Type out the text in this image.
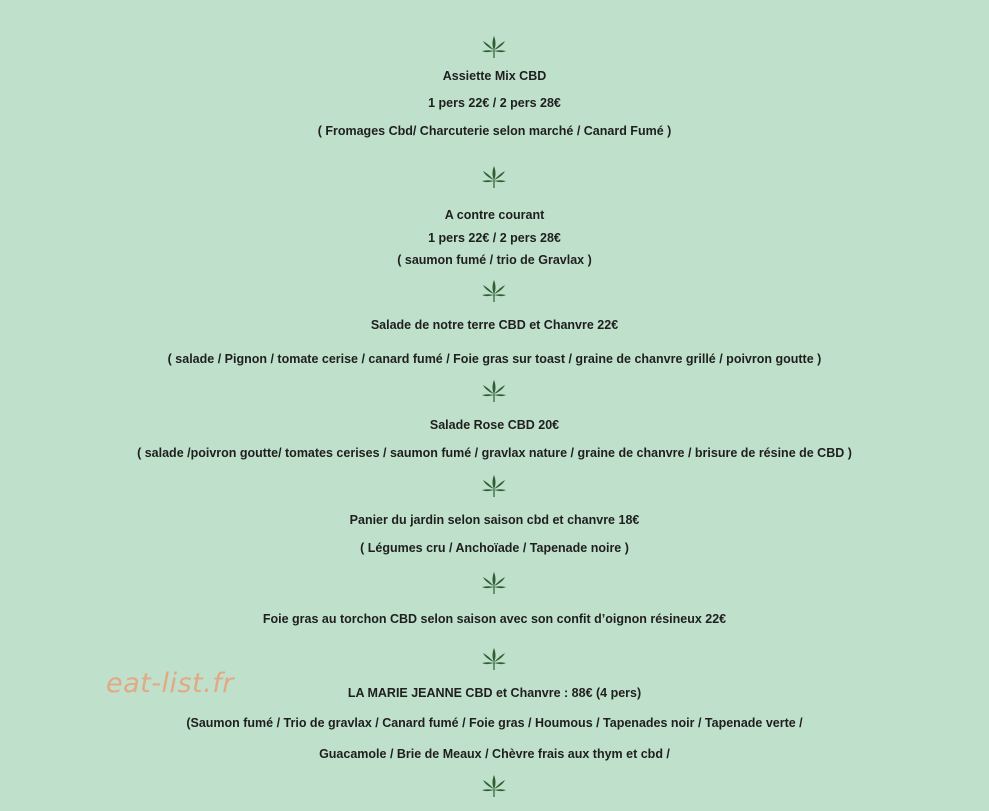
Assiette Mix CBD
1 pers 22€ / 2 pers 28€
( Fromages Cbd/ Charcuterie selon marché / Canard Fumé )
A contre courant
1 pers 22€ / 2 pers 28€
( saumon fumé / trio de Gravlax )
Salade de notre terre CBD et Chanvre 22€
( salade / Pignon / tomate cerise / canard fumé / Foie gras sur toast / graine de chanvre grillé / poivron goutte )
Salade Rose CBD 20€
( salade /poivron goutte/ tomates cerises / saumon fumé / gravlax nature / graine de chanvre / brisure de résine de CBD )
Panier du jardin selon saison cbd et chanvre 18€
( Légumes cru / Anchoïade / Tapenade noire )
Foie gras au torchon CBD selon saison avec son confit d’oignon résineux 22€
LA MARIE JEANNE CBD et Chanvre : 88€ (4 pers)
(Saumon fumé / Trio de gravlax / Canard fumé / Foie gras / Houmous / Tapenades noir / Tapenade verte /
Guacamole / Brie de Meaux / Chèvre frais aux thym et cbd /
eat-list.fr
